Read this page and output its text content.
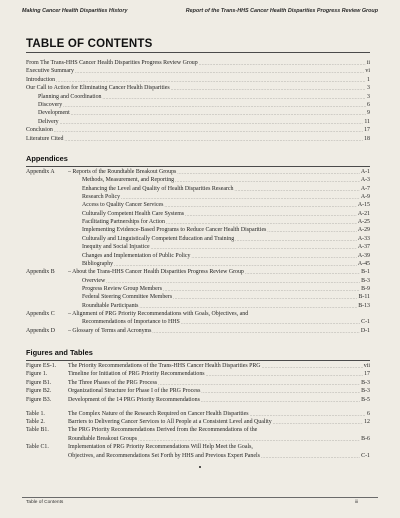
Making Cancer Health Disparities History	Report of the Trans-HHS Cancer Health Disparities Progress Review Group
TABLE OF CONTENTS
From The Trans-HHS Cancer Health Disparities Progress Review Group .....	ii
Executive Summary .....	vi
Introduction .....	1
Our Call to Action for Eliminating Cancer Health Disparities .....	3
Planning and Coordination .....	3
Discovery .....	6
Development .....	9
Delivery .....	11
Conclusion .....	17
Literature Cited .....	18
Appendices
Appendix A – Reports of the Roundtable Breakout Groups .....	A-1
Methods, Measurement, and Reporting .....	A-3
Enhancing the Level and Quality of Health Disparities Research .....	A-7
Research Policy .....	A-9
Access to Quality Cancer Services .....	A-15
Culturally Competent Health Care Systems .....	A-21
Facilitating Partnerships for Action .....	A-25
Implementing Evidence-Based Programs to Reduce Cancer Health Disparities .....	A-29
Culturally and Linguistically Competent Education and Training .....	A-33
Inequity and Social Injustice .....	A-37
Changes and Implementation of Public Policy .....	A-39
Bibliography .....	A-45
Appendix B – About the Trans-HHS Cancer Health Disparities Progress Review Group .....	B-1
Overview .....	B-3
Progress Review Group Members .....	B-9
Federal Steering Committee Members .....	B-11
Roundtable Participants .....	B-13
Appendix C – Alignment of PRG Priority Recommendations with Goals, Objectives, and
Recommendations of Importance to HHS .....	C-1
Appendix D – Glossary of Terms and Acronyms .....	D-1
Figures and Tables
Figure ES-1. The Priority Recommendations of the Trans-HHS Cancer Health Disparities PRG .....	vii
Figure 1.	Timeline for Initiation of PRG Priority Recommendations .....	17
Figure B1.	The Three Phases of the PRG Process .....	B-3
Figure B2.	Organizational Structure for Phase I of the PRG Process .....	B-3
Figure B3.	Development of the 14 PRG Priority Recommendations .....	B-5
Table 1.	The Complex Nature of the Research Required on Cancer Health Disparities .....	6
Table 2.	Barriers to Delivering Cancer Services to All People at a Consistent Level and Quality .....	12
Table B1.	The PRG Priority Recommendations Derived from the Recommendations of the
Roundtable Breakout Groups .....	B-6
Table C1.	Implementation of PRG Priority Recommendations Will Help Meet the Goals,
Objectives, and Recommendations Set Forth by HHS and Previous Expert Panels .....	C-1
Table of Contents	iii
